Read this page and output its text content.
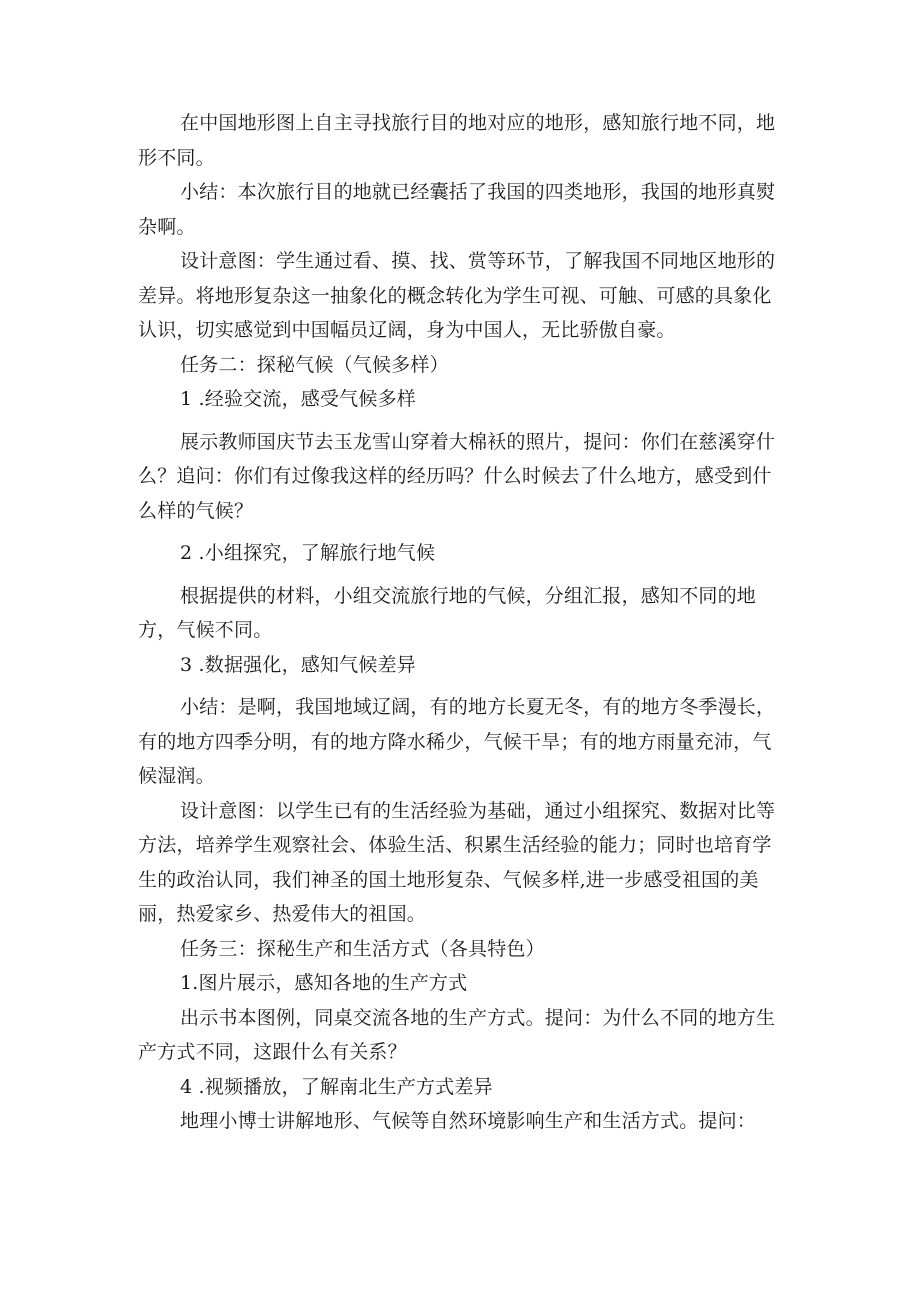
在中国地形图上自主寻找旅行目的地对应的地形，感知旅行地不同，地形不同。

小结：本次旅行目的地就已经囊括了我国的四类地形，我国的地形真熨杂啊。

设计意图：学生通过看、摸、找、赏等环节，了解我国不同地区地形的差异。将地形复杂这一抽象化的概念转化为学生可视、可触、可感的具象化认识，切实感觉到中国幅员辽阔，身为中国人，无比骄傲自豪。

任务二：探秘气候（气候多样）

1 .经验交流，感受气候多样

展示教师国庆节去玉龙雪山穿着大棉袄的照片，提问：你们在慈溪穿什么？追问：你们有过像我这样的经历吗？什么时候去了什么地方，感受到什么样的气候？

2 .小组探究，了解旅行地气候

根据提供的材料，小组交流旅行地的气候，分组汇报，感知不同的地方，气候不同。

3 .数据强化，感知气候差异

小结：是啊，我国地域辽阔，有的地方长夏无冬，有的地方冬季漫长，有的地方四季分明，有的地方降水稀少，气候干旱；有的地方雨量充沛，气候湿润。

设计意图：以学生已有的生活经验为基础，通过小组探究、数据对比等方法，培养学生观察社会、体验生活、积累生活经验的能力；同时也培育学生的政治认同，我们神圣的国土地形复杂、气候多样,进一步感受祖国的美丽，热爱家乡、热爱伟大的祖国。

任务三：探秘生产和生活方式（各具特色）

1.图片展示，感知各地的生产方式

出示书本图例，同桌交流各地的生产方式。提问：为什么不同的地方生产方式不同，这跟什么有关系？

4 .视频播放，了解南北生产方式差异

地理小博士讲解地形、气候等自然环境影响生产和生活方式。提问：
